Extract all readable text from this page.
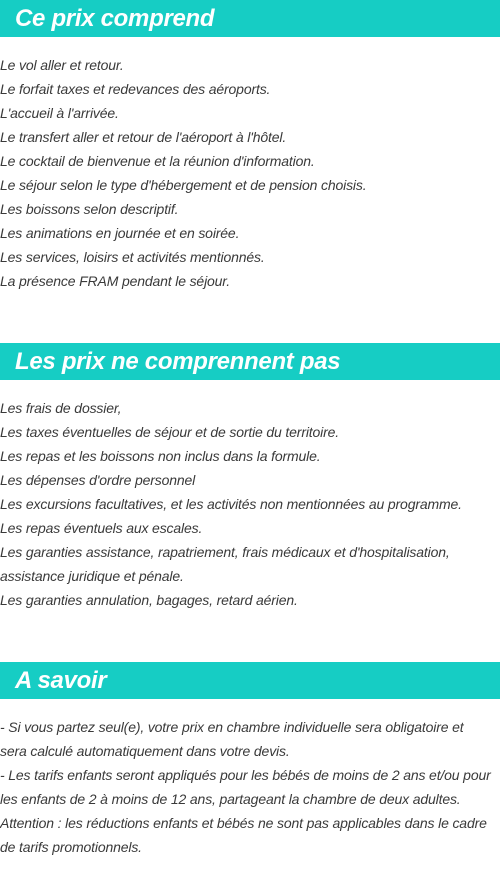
Ce prix comprend
Le vol aller et retour.
Le forfait taxes et redevances des aéroports.
L'accueil à l'arrivée.
Le transfert aller et retour de l'aéroport à l'hôtel.
Le cocktail de bienvenue et la réunion d'information.
Le séjour selon le type d'hébergement et de pension choisis.
Les boissons selon descriptif.
Les animations en journée et en soirée.
Les services, loisirs et activités mentionnés.
La présence FRAM pendant le séjour.
Les prix ne comprennent pas
Les frais de dossier,
Les taxes éventuelles de séjour et de sortie du territoire.
Les repas et les boissons non inclus dans la formule.
Les dépenses d'ordre personnel
Les excursions facultatives, et les activités non mentionnées au programme.
Les repas éventuels aux escales.
Les garanties assistance, rapatriement, frais médicaux et d'hospitalisation,
assistance juridique et pénale.
Les garanties annulation, bagages, retard aérien.
A savoir
- Si vous partez seul(e), votre prix en chambre individuelle sera obligatoire et
sera calculé automatiquement dans votre devis.
- Les tarifs enfants seront appliqués pour les bébés de moins de 2 ans et/ou pour
les enfants de 2 à moins de 12 ans, partageant la chambre de deux adultes.
Attention : les réductions enfants et bébés ne sont pas applicables dans le cadre
de tarifs promotionnels.
